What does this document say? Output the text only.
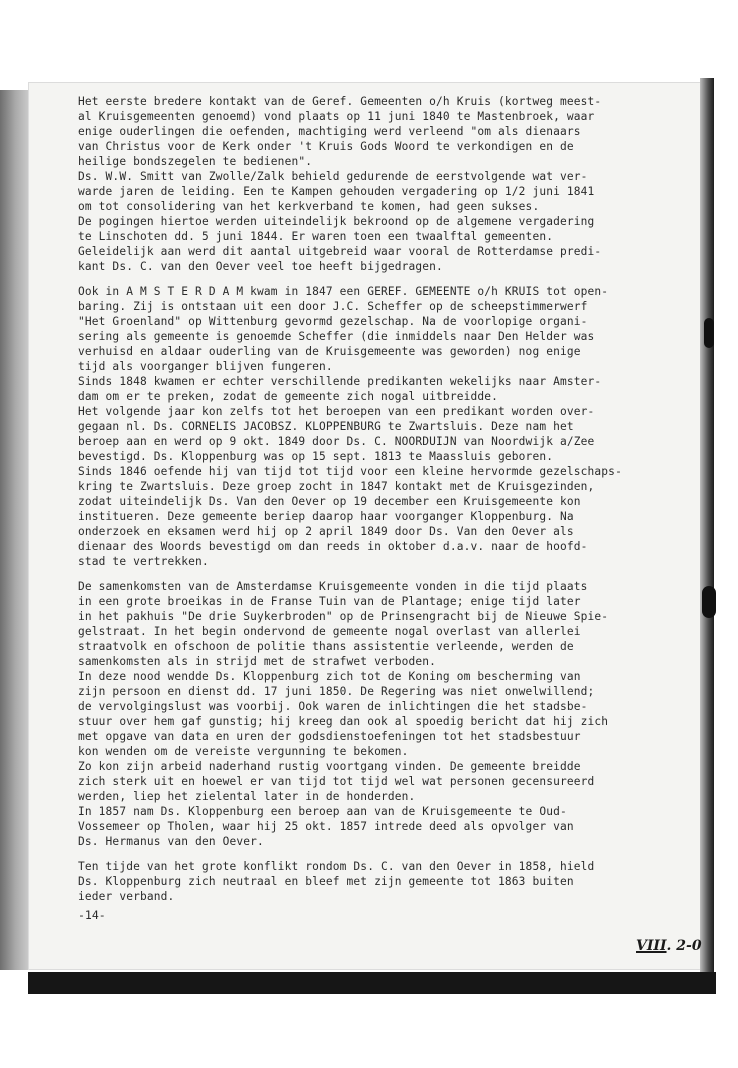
Het eerste bredere kontakt van de Geref. Gemeenten o/h Kruis (kortweg meest-
al Kruisgemeenten genoemd) vond plaats op 11 juni 1840 te Mastenbroek, waar
enige ouderlingen die oefenden, machtiging werd verleend "om als dienaars
van Christus voor de Kerk onder 't Kruis Gods Woord te verkondigen en de
heilige bondszegelen te bedienen".
Ds. W.W. Smitt van Zwolle/Zalk behield gedurende de eerstvolgende wat ver-
warde jaren de leiding. Een te Kampen gehouden vergadering op 1/2 juni 1841
om tot consolidering van het kerkverband te komen, had geen sukses.
De pogingen hiertoe werden uiteindelijk bekroond op de algemene vergadering
te Linschoten dd. 5 juni 1844. Er waren toen een twaalftal gemeenten.
Geleidelijk aan werd dit aantal uitgebreid waar vooral de Rotterdamse predi-
kant Ds. C. van den Oever veel toe heeft bijgedragen.
Ook in A M S T E R D A M kwam in 1847 een GEREF. GEMEENTE o/h KRUIS tot open-
baring. Zij is ontstaan uit een door J.C. Scheffer op de scheepstimmerwerf
"Het Groenland" op Wittenburg gevormd gezelschap. Na de voorlopige organi-
sering als gemeente is genoemde Scheffer (die inmiddels naar Den Helder was
verhuisd en aldaar ouderling van de Kruisgemeente was geworden) nog enige
tijd als voorganger blijven fungeren.
Sinds 1848 kwamen er echter verschillende predikanten wekelijks naar Amster-
dam om er te preken, zodat de gemeente zich nogal uitbreidde.
Het volgende jaar kon zelfs tot het beroepen van een predikant worden over-
gegaan nl. Ds. CORNELIS JACOBSZ. KLOPPENBURG te Zwartsluis. Deze nam het
beroep aan en werd op 9 okt. 1849 door Ds. C. NOORDUIJN van Noordwijk a/Zee
bevestigd. Ds. Kloppenburg was op 15 sept. 1813 te Maassluis geboren.
Sinds 1846 oefende hij van tijd tot tijd voor een kleine hervormde gezelschaps-
kring te Zwartsluis. Deze groep zocht in 1847 kontakt met de Kruisgezinden,
zodat uiteindelijk Ds. Van den Oever op 19 december een Kruisgemeente kon
institueren. Deze gemeente beriep daarop haar voorganger Kloppenburg. Na
onderzoek en eksamen werd hij op 2 april 1849 door Ds. Van den Oever als
dienaar des Woords bevestigd om dan reeds in oktober d.a.v. naar de hoofd-
stad te vertrekken.
De samenkomsten van de Amsterdamse Kruisgemeente vonden in die tijd plaats
in een grote broeikas in de Franse Tuin van de Plantage; enige tijd later
in het pakhuis "De drie Suykerbroden" op de Prinsengracht bij de Nieuwe Spie-
gelstraat. In het begin ondervond de gemeente nogal overlast van allerlei
straatvolk en ofschoon de politie thans assistentie verleende, werden de
samenkomsten als in strijd met de strafwet verboden.
In deze nood wendde Ds. Kloppenburg zich tot de Koning om bescherming van
zijn persoon en dienst dd. 17 juni 1850. De Regering was niet onwelwillend;
de vervolgingslust was voorbij. Ook waren de inlichtingen die het stadsbe-
stuur over hem gaf gunstig; hij kreeg dan ook al spoedig bericht dat hij zich
met opgave van data en uren der godsdienstoefeningen tot het stadsbestuur
kon wenden om de vereiste vergunning te bekomen.
Zo kon zijn arbeid naderhand rustig voortgang vinden. De gemeente breidde
zich sterk uit en hoewel er van tijd tot tijd wel wat personen gecensureerd
werden, liep het zielental later in de honderden.
In 1857 nam Ds. Kloppenburg een beroep aan van de Kruisgemeente te Oud-
Vossemeer op Tholen, waar hij 25 okt. 1857 intrede deed als opvolger van
Ds. Hermanus van den Oever.
Ten tijde van het grote konflikt rondom Ds. C. van den Oever in 1858, hield
Ds. Kloppenburg zich neutraal en bleef met zijn gemeente tot 1863 buiten
ieder verband.
-14-
VIII. 2-0
